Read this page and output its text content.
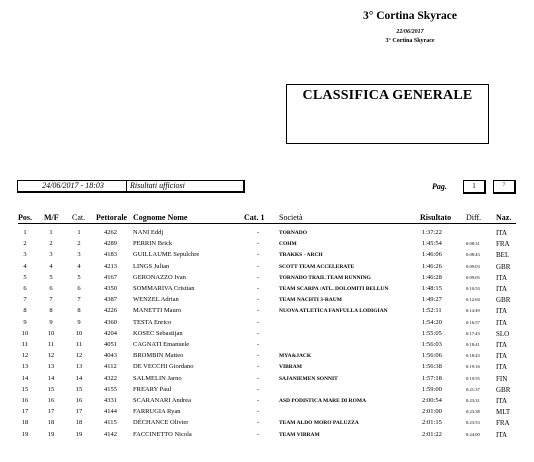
3° Cortina Skyrace
22/06/2017
3° Cortina Skyrace
CLASSIFICA GENERALE
24/06/2017 - 18:03	Risultati ufficiosi	Pag.	1	7
Pos. M/F Cat. Pettorale Cognome Nome	Cat. 1 Società	Risultato Diff. Naz.
1	1	1	4262 NANI Eddj	-	TORNADO	1:37:22	ITA
2	2	2	4289 PERRIN Brick	-	COHM	1:45:54	0:08:31 FRA
3	3	3	4183 GUILLAUME Sepulchre	-	TRAKKS - ARCH	1:46:06	0:08:43 BEL
4	4	4	4213 LINGS Julian	-	SCOTT TEAM ACCELERATE	1:46:26	0:09:03 GBR
5	5	5	4167 GERONAZZO Ivan	-	TORNADO TRAIL TEAM RUNNING	1:46:28	0:09:05 ITA
6	6	6	4350 SOMMARIVA Cristian	-	TEAM SCARPA /ATL. DOLOMITI BELLUN	1:48:15	0:10:53 ITA
7	7	7	4387 WENZEL Adrian	-	TEAM NACHTI 3-RAUM	1:49:27	0:12:04 GBR
8	8	8	4226 MANETTI Mauro	-	NUOVA ATLETICA FANFULLA LODIGIAN	1:52:11	0:14:49 ITA
9	9	9	4360 TESTA Enrico	-	1:54:20	0:16:57 ITA
10	10	10	4204 KOSEC Sebastijan	-	1:55:05	0:17:43 SLO
11	11	11	4051 CAGNATI Emanuele	-	1:56:03	0:18:41 ITA
12	12	12	4043 BROMBIN Matteo	-	MYA&JACK	1:56:06	0:18:43 ITA
13	13	13	4112 DE VECCHI Giordano	-	VIBRAM	1:56:38	0:19:16 ITA
14	14	14	4322 SALMELIN Jarno	-	SAJANIEMEN SONNIT	1:57:18	0:19:55 FIN
15	15	15	4155 FREARY Paul	-	1:59:00	0:21:37 GBR
16	16	16	4331 SCARANARI Andrea	-	ASD PODISTICA MARE DI ROMA	2:00:54	0:23:31 ITA
17	17	17	4144 FARRUGIA Ryan	-	2:01:00	0:23:38 MLT
18	18	18	4115 DÉCHANCE Olivier	-	TEAM ALDO MORO PALUZZA	2:01:15	0:23:53 FRA
19	19	19	4142 FACCINETTO Nicola	-	TEAM VIBRAM	2:01:22	0:24:00 ITA
